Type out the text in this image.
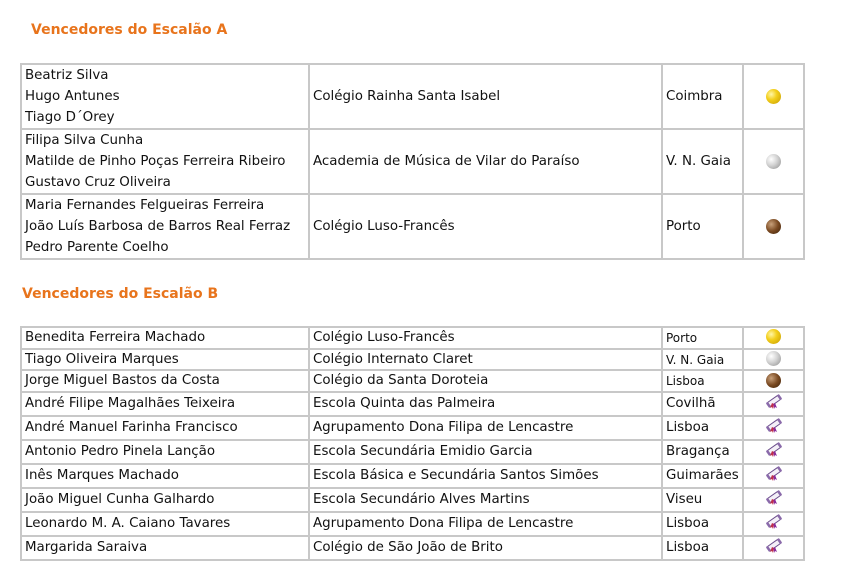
Vencedores do Escalão A
Beatriz Silva
Hugo Antunes
Tiago D´Orey	Colégio Rainha Santa Isabel	Coimbra	

Filipa Silva Cunha
Matilde de Pinho Poças Ferreira Ribeiro
Gustavo Cruz Oliveira	Academia de Música de Vilar do Paraíso	V. N. Gaia	

Maria Fernandes Felgueiras Ferreira
João Luís Barbosa de Barros Real Ferraz
Pedro Parente Coelho	Colégio Luso-Francês	Porto	
Vencedores do Escalão B
Benedita Ferreira Machado	Colégio Luso-Francês	Porto	
Tiago Oliveira Marques	Colégio Internato Claret	V. N. Gaia	
Jorge Miguel Bastos da Costa	Colégio da Santa Doroteia	Lisboa	
André Filipe Magalhães Teixeira	Escola Quinta das Palmeira	Covilhã	
André Manuel Farinha Francisco	Agrupamento Dona Filipa de Lencastre	Lisboa	
Antonio Pedro Pinela Lanção	Escola Secundária Emidio Garcia	Bragança	
Inês Marques Machado	Escola Básica e Secundária Santos Simões	Guimarães	
João Miguel Cunha Galhardo	Escola Secundário Alves Martins	Viseu	
Leonardo M. A. Caiano Tavares	Agrupamento Dona Filipa de Lencastre	Lisboa	
Margarida Saraiva	Colégio de São João de Brito	Lisboa	
